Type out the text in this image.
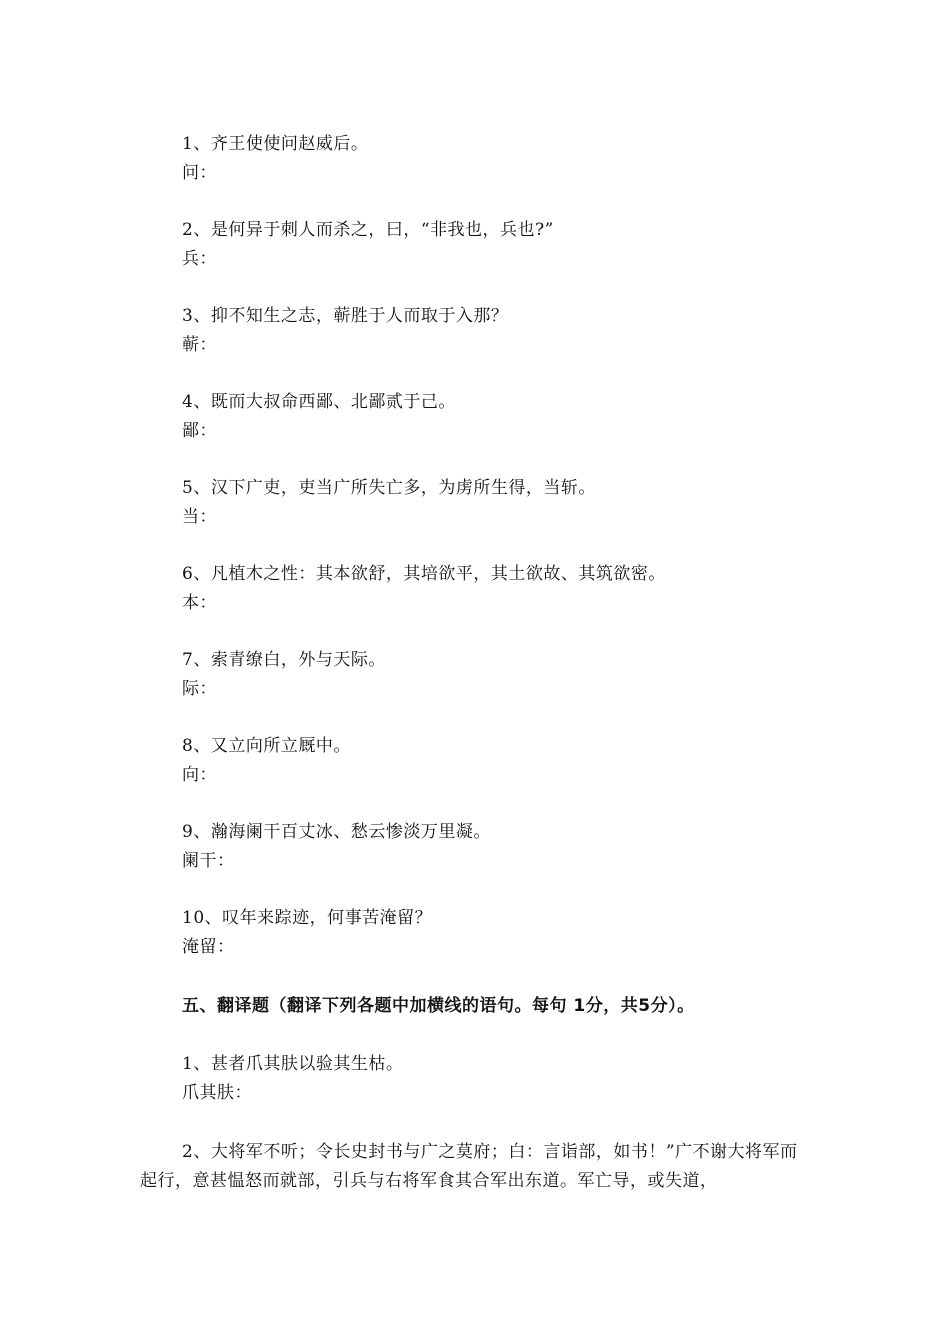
1、齐王使使问赵威后。
问：
2、是何异于刺人而杀之，曰，“非我也，兵也?”
兵：
3、抑不知生之志，蕲胜于人而取于入那？
蕲：
4、既而大叔命西鄙、北鄙贰于己。
鄙：
5、汉下广吏，吏当广所失亡多，为虏所生得，当斩。
当：
6、凡植木之性：其本欲舒，其培欲平，其土欲故、其筑欲密。
本：
7、索青缭白，外与天际。
际：
8、又立向所立厩中。
向：
9、瀚海阑干百丈冰、愁云惨淡万里凝。
阑干：
10、叹年来踪迹，何事苦淹留？
淹留：
五、翻译题（翻译下列各题中加横线的语句。每句 1分，共5分）。
1、甚者爪其肤以验其生枯。
爪其肤：
2、大将军不听；令长史封书与广之莫府；白：言诣部，如书！”广不谢大将军而起行，意甚愠怒而就部，引兵与右将军食其合军出东道。军亡导，或失道，
